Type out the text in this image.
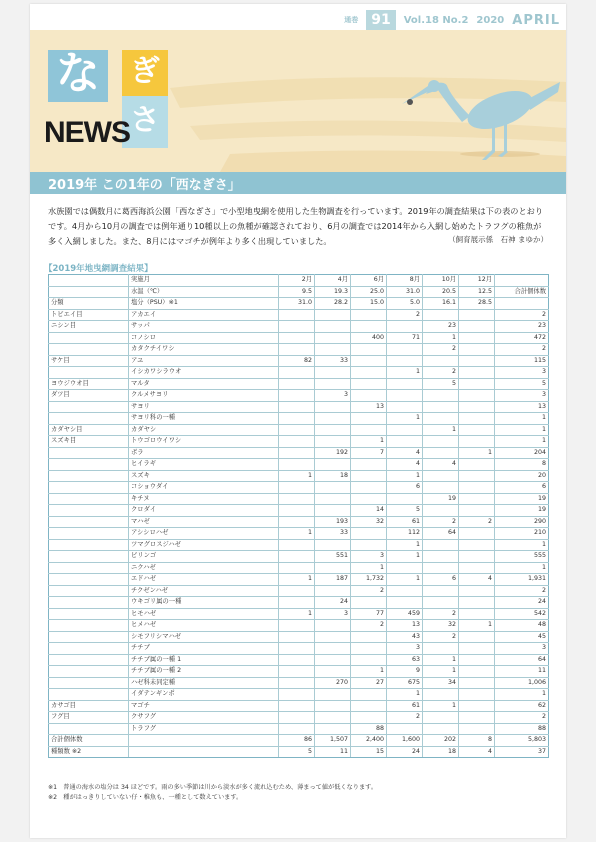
通巻 91	Vol.18 No.2 2020 APRIL
な ぎ
さ
NEWS
2019年 この1年の「西なぎさ」
水族園では偶数月に葛西海浜公園「西なぎさ」で小型地曳網を使用した生物調査を行っています。2019年の調査結果は下の表のとおりです。4月から10月の調査では例年通り10種以上の魚種が確認されており、6月の調査では2014年から入網し始めたトラフグの稚魚が多く入網しました。また、8月にはマゴチが例年より多く出現していました。	（飼育展示係　石神 まゆか）
【2019年地曳網調査結果】
	実施月	2月	4月	6月	8月	10月	12月	
	水温（℃）	9.5	19.3	25.0	31.0	20.5	12.5	合計個体数
分類	塩分（PSU）※1	31.0	28.2	15.0	5.0	16.1	28.5	
トビエイ目	アカエイ				2			2
ニシン目	サッパ					23		23
	コノシロ			400	71	1		472
	カタクチイワシ					2		2
サケ目	アユ	82	33					115
	イシカワシラウオ				1	2		3
ヨウジウオ目	マルタ					5		5
ダツ目	クルメサヨリ		3					3
	サヨリ			13				13
	サヨリ科の一種				1			1
カダヤシ目	カダヤシ					1		1
スズキ目	トウゴロウイワシ			1				1
	ボラ		192	7	4		1	204
	ヒイラギ				4	4		8
	スズキ	1	18		1			20
	コショウダイ				6			6
	キチヌ					19		19
	クロダイ			14	5			19
	マハゼ		193	32	61	2	2	290
	アシシロハゼ	1	33		112	64		210
	ツマグロスジハゼ				1			1
	ビリンゴ		551	3	1			555
	ニクハゼ			1				1
	エドハゼ	1	187	1,732	1	6	4	1,931
	チクゼンハゼ			2				2
	ウキゴリ属の一種		24					24
	ヒモハゼ	1	3	77	459	2		542
	ヒメハゼ			2	13	32	1	48
	シモフリシマハゼ				43	2		45
	チチブ				3			3
	チチブ属の一種 1				63	1		64
	チチブ属の一種 2			1	9	1		11
	ハゼ科未同定種		270	27	675	34		1,006
	イダテンギンポ				1			1
カサゴ目	マゴチ				61	1		62
フグ目	クサフグ				2			2
	トラフグ			88				88
合計個体数		86	1,507	2,400	1,600	202	8	5,803
種類数 ※2		5	11	15	24	18	4	37
※1　普通の海水の塩分は 34 ほどです。雨の多い季節は川から淡水が多く流れ込むため、薄まって値が低くなります。
※2　種がはっきりしていない仔・稚魚も、一種として数えています。
